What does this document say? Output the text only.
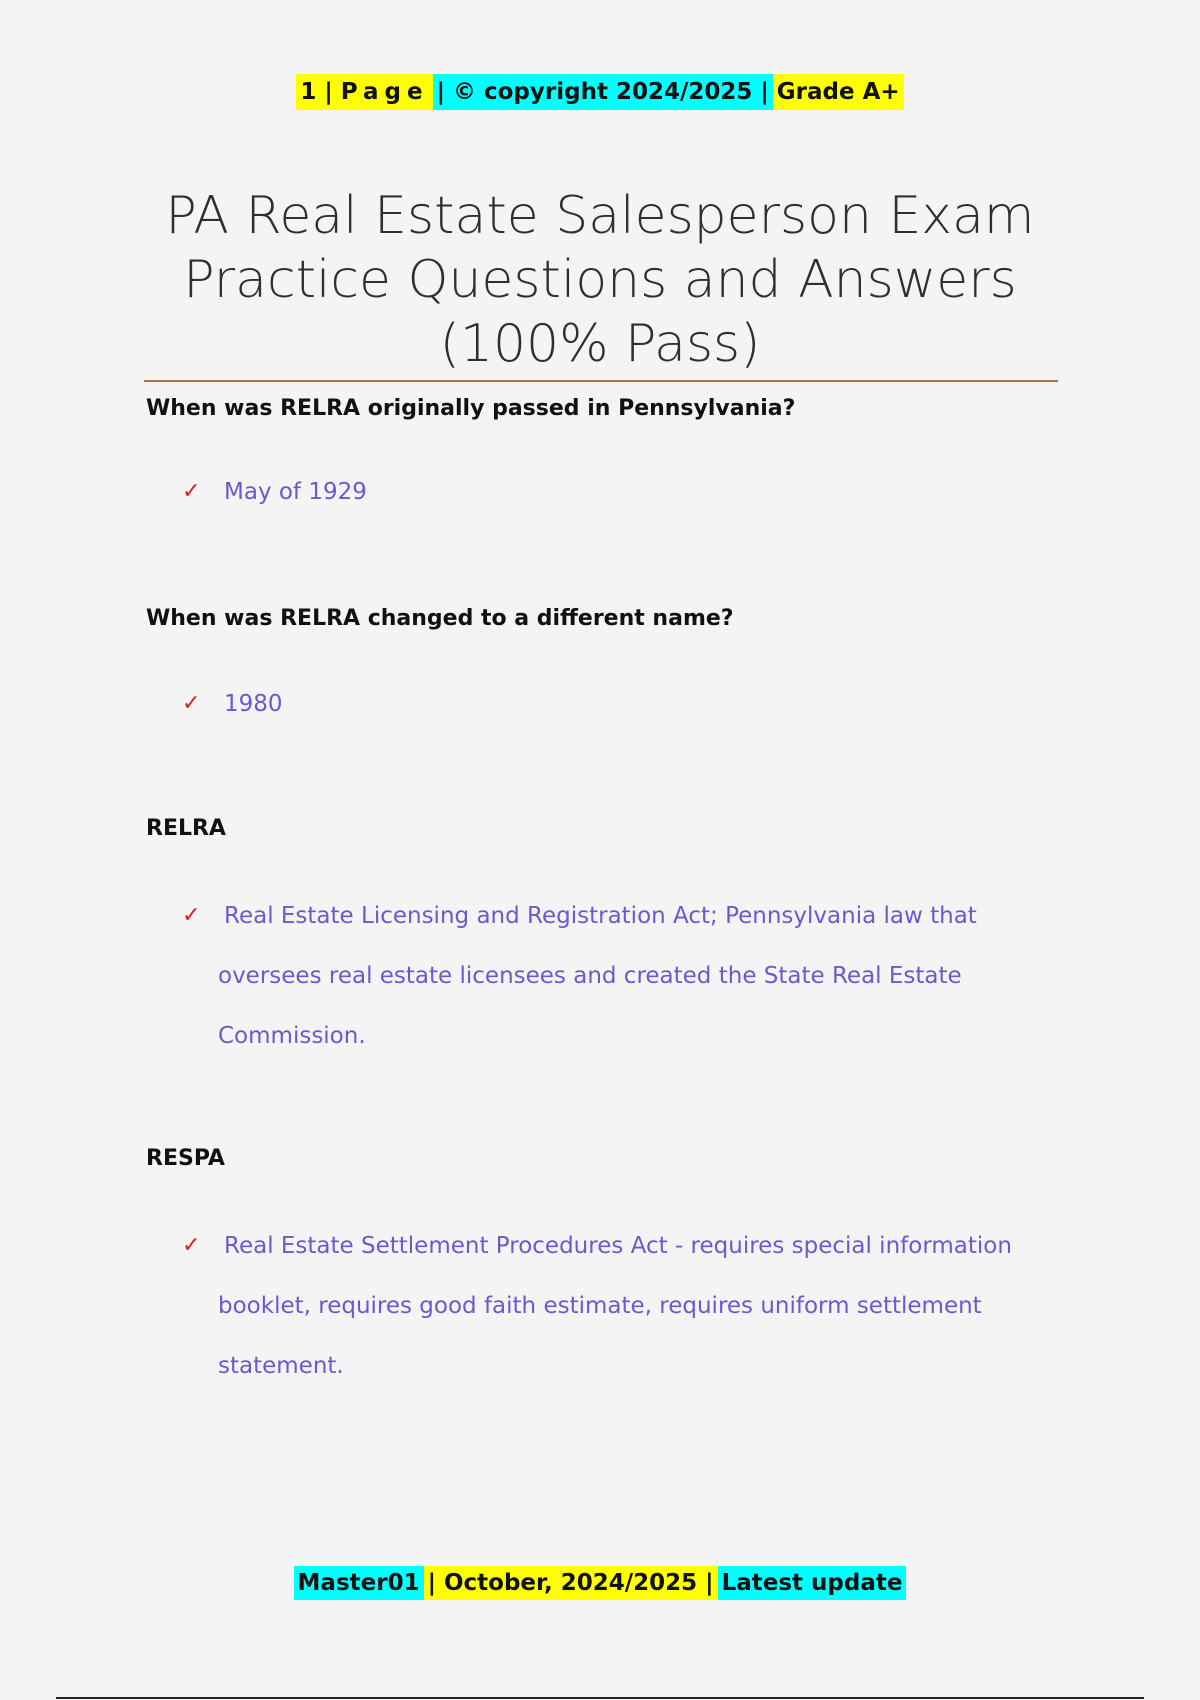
1 | Page| © copyright 2024/2025 |Grade A+
PA Real Estate Salesperson Exam
Practice Questions and Answers
(100% Pass)
When was RELRA originally passed in Pennsylvania?
✓ May of 1929
When was RELRA changed to a different name?
✓ 1980
RELRA
✓ Real Estate Licensing and Registration Act; Pennsylvania law that
oversees real estate licensees and created the State Real Estate
Commission.
RESPA
✓ Real Estate Settlement Procedures Act - requires special information
booklet, requires good faith estimate, requires uniform settlement
statement.
Master01| October, 2024/2025 |Latest update
